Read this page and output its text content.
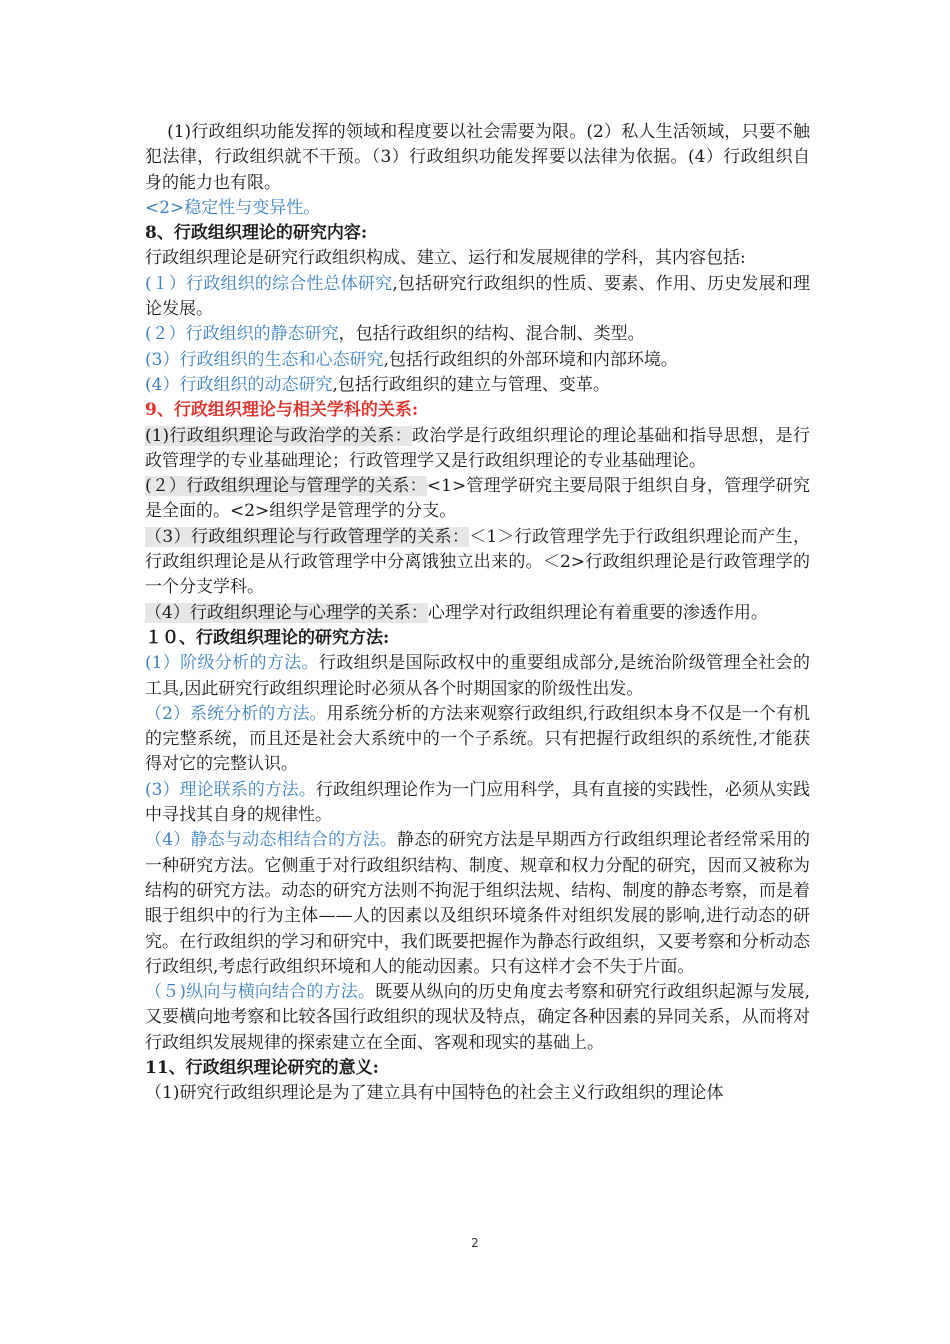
(1)行政组织功能发挥的领域和程度要以社会需要为限。(2）私人生活领域，只要不触犯法律，行政组织就不干预。（3）行政组织功能发挥要以法律为依据。(4）行政组织自身的能力也有限。

<2>稳定性与变异性。

8、行政组织理论的研究内容:

行政组织理论是研究行政组织构成、建立、运行和发展规律的学科，其内容包括:

(１）行政组织的综合性总体研究,包括研究行政组织的性质、要素、作用、历史发展和理论发展。

(２）行政组织的静态研究，包括行政组织的结构、混合制、类型。

(3）行政组织的生态和心态研究,包括行政组织的外部环境和内部环境。

(4）行政组织的动态研究,包括行政组织的建立与管理、变革。

9、行政组织理论与相关学科的关系:

(1)行政组织理论与政治学的关系：政治学是行政组织理论的理论基础和指导思想，是行政管理学的专业基础理论；行政管理学又是行政组织理论的专业基础理论。

(２）行政组织理论与管理学的关系：<1>管理学研究主要局限于组织自身，管理学研究是全面的。<2>组织学是管理学的分支。

（3）行政组织理论与行政管理学的关系：＜1＞行政管理学先于行政组织理论而产生，行政组织理论是从行政管理学中分离饿独立出来的。＜2>行政组织理论是行政管理学的一个分支学科。

（4）行政组织理论与心理学的关系：心理学对行政组织理论有着重要的渗透作用。

１０、行政组织理论的研究方法:

(1）阶级分析的方法。行政组织是国际政权中的重要组成部分,是统治阶级管理全社会的工具,因此研究行政组织理论时必须从各个时期国家的阶级性出发。

（2）系统分析的方法。用系统分析的方法来观察行政组织,行政组织本身不仅是一个有机的完整系统，而且还是社会大系统中的一个子系统。只有把握行政组织的系统性,才能获得对它的完整认识。

(3）理论联系的方法。行政组织理论作为一门应用科学，具有直接的实践性，必须从实践中寻找其自身的规律性。

（4）静态与动态相结合的方法。静态的研究方法是早期西方行政组织理论者经常采用的一种研究方法。它侧重于对行政组织结构、制度、规章和权力分配的研究，因而又被称为结构的研究方法。动态的研究方法则不拘泥于组织法规、结构、制度的静态考察，而是着眼于组织中的行为主体——人的因素以及组织环境条件对组织发展的影响,进行动态的研究。在行政组织的学习和研究中，我们既要把握作为静态行政组织，又要考察和分析动态行政组织,考虑行政组织环境和人的能动因素。只有这样才会不失于片面。

（５)纵向与横向结合的方法。既要从纵向的历史角度去考察和研究行政组织起源与发展,又要横向地考察和比较各国行政组织的现状及特点，确定各种因素的异同关系，从而将对行政组织发展规律的探索建立在全面、客观和现实的基础上。

11、行政组织理论研究的意义:

（1)研究行政组织理论是为了建立具有中国特色的社会主义行政组织的理论体

2
